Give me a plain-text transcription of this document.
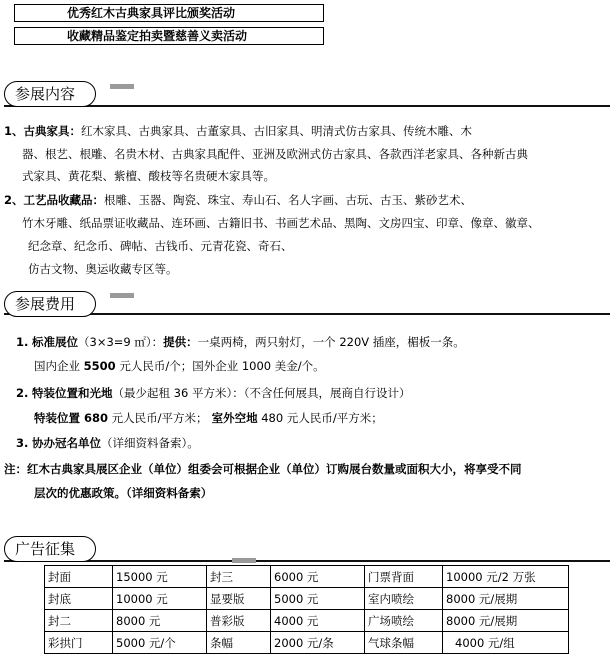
优秀红木古典家具评比颁奖活动
收藏精品鉴定拍卖暨慈善义卖活动
参展内容
1、古典家具：红木家具、古典家具、古董家具、古旧家具、明清式仿古家具、传统木雕、木
器、根艺、根雕、名贵木材、古典家具配件、亚洲及欧洲式仿古家具、各款西洋老家具、各种新古典
式家具、黄花梨、紫檀、酸枝等名贵硬木家具等。
2、工艺品收藏品：根雕、玉器、陶瓷、珠宝、寿山石、名人字画、古玩、古玉、紫砂艺术、
竹木牙雕、纸品票证收藏品、连环画、古籍旧书、书画艺术品、黑陶、文房四宝、印章、像章、徽章、
纪念章、纪念币、碑帖、古钱币、元青花瓷、奇石、
仿古文物、奥运收藏专区等。
参展费用
1. 标准展位（3×3=9 ㎡）：提供：一桌两椅，两只射灯，一个 220V 插座，楣板一条。
国内企业 5500 元人民币/个；国外企业 1000 美金/个。
2. 特装位置和光地（最少起租 36 平方米）：（不含任何展具，展商自行设计）
特装位置 680 元人民币/平方米； 室外空地 480 元人民币/平方米；
3. 协办冠名单位（详细资料备索）。
注：红木古典家具展区企业（单位）组委会可根据企业（单位）订购展台数量或面积大小，将享受不同
层次的优惠政策。（详细资料备索）
广告征集
封面	15000 元	封三	6000 元	门票背面	10000 元/2 万张
封底	10000 元	显要版	5000 元	室内喷绘	8000 元/展期
封二	8000 元	普彩版	4000 元	广场喷绘	8000 元/展期
彩拱门	5000 元/个	条幅	2000 元/条	气球条幅	4000 元/组
